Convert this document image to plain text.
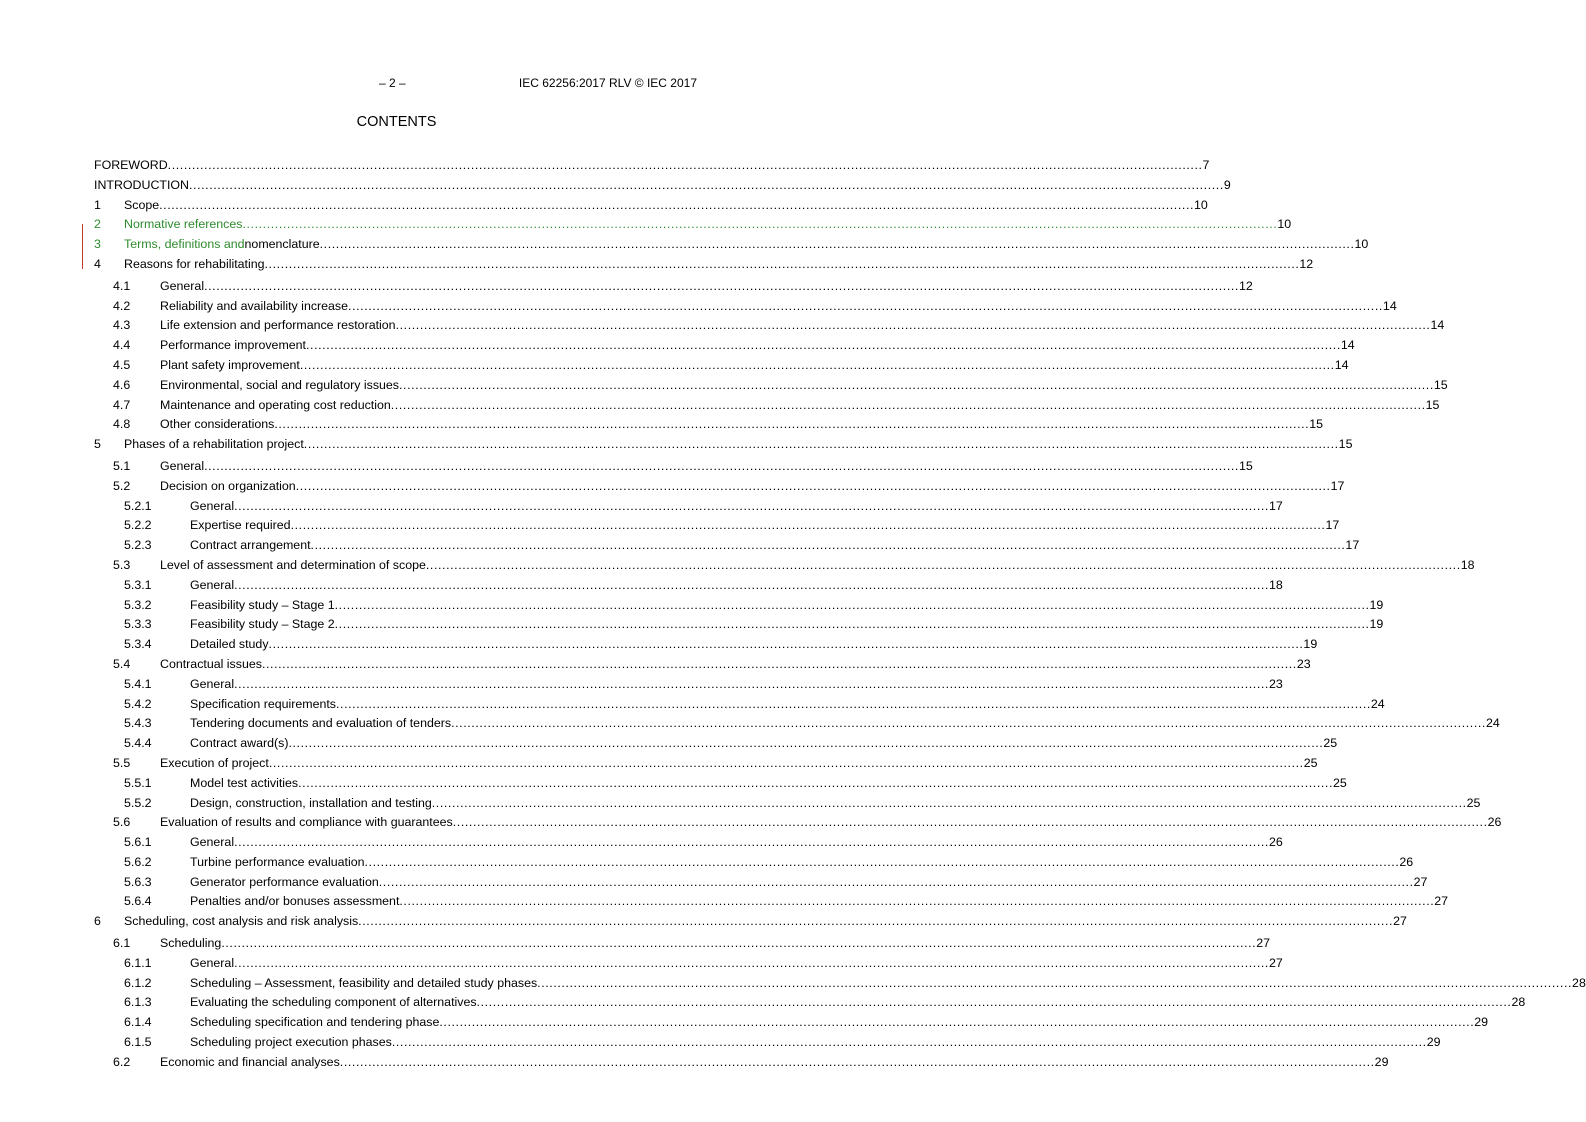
– 2 –	IEC 62256:2017 RLV © IEC 2017
CONTENTS
FOREWORD ................................................................................................................................................................................................................................................................ 7
INTRODUCTION ................................................................................................................................................................................................................................................................ 9
1 Scope ................................................................................................................................................................................................................................................................ 10
2 Normative references ................................................................................................................................................................................................................................................................ 10
3 Terms, definitions and nomenclature ................................................................................................................................................................................................................................................................ 10
4 Reasons for rehabilitating ................................................................................................................................................................................................................................................................ 12
4.1 General ................................................................................................................................................................................................................................................................ 12
4.2 Reliability and availability increase ................................................................................................................................................................................................................................................................ 14
4.3 Life extension and performance restoration ................................................................................................................................................................................................................................................................ 14
4.4 Performance improvement ................................................................................................................................................................................................................................................................ 14
4.5 Plant safety improvement ................................................................................................................................................................................................................................................................ 14
4.6 Environmental, social and regulatory issues ................................................................................................................................................................................................................................................................ 15
4.7 Maintenance and operating cost reduction ................................................................................................................................................................................................................................................................ 15
4.8 Other considerations ................................................................................................................................................................................................................................................................ 15
5 Phases of a rehabilitation project ................................................................................................................................................................................................................................................................ 15
5.1 General ................................................................................................................................................................................................................................................................ 15
5.2 Decision on organization ................................................................................................................................................................................................................................................................ 17
5.2.1	General ................................................................................................................................................................................................................................................................ 17
5.2.2	Expertise required ................................................................................................................................................................................................................................................................ 17
5.2.3	Contract arrangement ................................................................................................................................................................................................................................................................ 17
5.3 Level of assessment and determination of scope ................................................................................................................................................................................................................................................................ 18
5.3.1	General ................................................................................................................................................................................................................................................................ 18
5.3.2	Feasibility study – Stage 1 ................................................................................................................................................................................................................................................................ 19
5.3.3	Feasibility study – Stage 2 ................................................................................................................................................................................................................................................................ 19
5.3.4	Detailed study ................................................................................................................................................................................................................................................................ 19
5.4 Contractual issues ................................................................................................................................................................................................................................................................ 23
5.4.1	General ................................................................................................................................................................................................................................................................ 23
5.4.2	Specification requirements ................................................................................................................................................................................................................................................................ 24
5.4.3	Tendering documents and evaluation of tenders ................................................................................................................................................................................................................................................................ 24
5.4.4	Contract award(s) ................................................................................................................................................................................................................................................................ 25
5.5 Execution of project ................................................................................................................................................................................................................................................................ 25
5.5.1	Model test activities ................................................................................................................................................................................................................................................................ 25
5.5.2	Design, construction, installation and testing ................................................................................................................................................................................................................................................................ 25
5.6 Evaluation of results and compliance with guarantees ................................................................................................................................................................................................................................................................ 26
5.6.1	General ................................................................................................................................................................................................................................................................ 26
5.6.2	Turbine performance evaluation ................................................................................................................................................................................................................................................................ 26
5.6.3	Generator performance evaluation ................................................................................................................................................................................................................................................................ 27
5.6.4	Penalties and/or bonuses assessment ................................................................................................................................................................................................................................................................ 27
6 Scheduling, cost analysis and risk analysis ................................................................................................................................................................................................................................................................ 27
6.1 Scheduling ................................................................................................................................................................................................................................................................ 27
6.1.1	General ................................................................................................................................................................................................................................................................ 27
6.1.2	Scheduling – Assessment, feasibility and detailed study phases ................................................................................................................................................................................................................................................................ 28
6.1.3	Evaluating the scheduling component of alternatives ................................................................................................................................................................................................................................................................ 28
6.1.4	Scheduling specification and tendering phase ................................................................................................................................................................................................................................................................ 29
6.1.5	Scheduling project execution phases ................................................................................................................................................................................................................................................................ 29
6.2 Economic and financial analyses ................................................................................................................................................................................................................................................................ 29
